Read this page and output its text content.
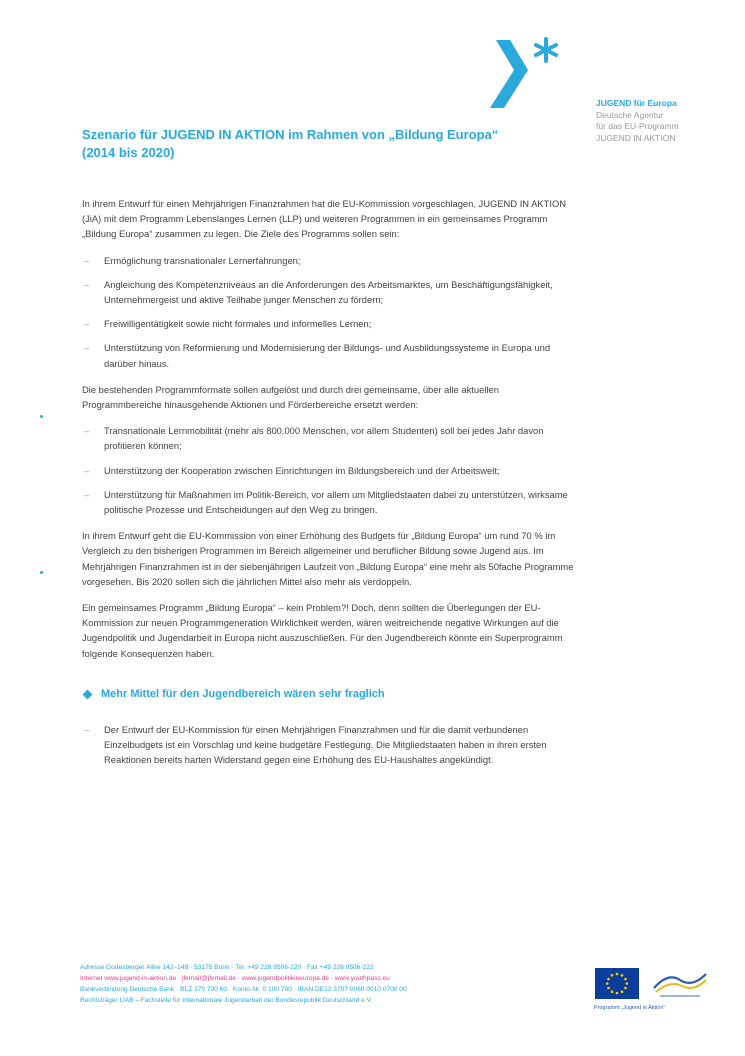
JUGEND für Europa
Deutsche Agentur
für das EU-Programm
JUGEND IN AKTION
Szenario für JUGEND IN AKTION im Rahmen von „Bildung Europa“
(2014 bis 2020)

In ihrem Entwurf für einen Mehrjährigen Finanzrahmen hat die EU-Kommission vorgeschlagen, JUGEND IN AKTION (JiA) mit dem Programm Lebenslanges Lernen (LLP) und weiteren Programmen in ein gemeinsames Programm „Bildung Europa“ zusammen zu legen. Die Ziele des Programms sollen sein:

– Ermöglichung transnationaler Lernerfahrungen;
– Angleichung des Kompetenzniveaus an die Anforderungen des Arbeitsmarktes, um Beschäftigungsfähigkeit, Unternehmergeist und aktive Teilhabe junger Menschen zu fördern;
– Freiwilligentätigkeit sowie nicht formales und informelles Lernen;
– Unterstützung von Reformierung und Modernisierung der Bildungs- und Ausbildungssysteme in Europa und darüber hinaus.

Die bestehenden Programmformate sollen aufgelöst und durch drei gemeinsame, über alle aktuellen Programmbereiche hinausgehende Aktionen und Förderbereiche ersetzt werden:

– Transnationale Lernmobilität (mehr als 800.000 Menschen, vor allem Studenten) soll bei jedes Jahr davon profitieren können;
– Unterstützung der Kooperation zwischen Einrichtungen im Bildungsbereich und der Arbeitswelt;
– Unterstützung für Maßnahmen im Politik-Bereich, vor allem um Mitgliedstaaten dabei zu unterstützen, wirksame politische Prozesse und Entscheidungen auf den Weg zu bringen.

In ihrem Entwurf geht die EU-Kommission von einer Erhöhung des Budgets für „Bildung Europa“ um rund 70 % im Vergleich zu den bisherigen Programmen im Bereich allgemeiner und beruflicher Bildung sowie Jugend aus. Im Mehrjährigen Finanzrahmen ist in der siebenjährigen Laufzeit von „Bildung Europa“ eine mehr als 50fache Programme vorgesehen. Bis 2020 sollen sich die jährlichen Mittel also mehr als verdoppeln.

Ein gemeinsames Programm „Bildung Europa“ – kein Problem?! Doch, denn sollten die Überlegungen der EU-Kommission zur neuen Programmgeneration Wirklichkeit werden, wären weitreichende negative Wirkungen auf die Jugendpolitik und Jugendarbeit in Europa nicht auszuschließen. Für den Jugendbereich könnte ein Superprogramm folgende Konsequenzen haben.

Mehr Mittel für den Jugendbereich wären sehr fraglich
– Der Entwurf der EU-Kommission für einen Mehrjährigen Finanzrahmen und für die damit verbundenen Einzelbudgets ist ein Vorschlag und keine budgetäre Festlegung. Die Mitgliedstaaten haben in ihren ersten Reaktionen bereits harten Widerstand gegen eine Erhöhung des EU-Haushaltes angekündigt.
Adresse Godesberger Allee 142–148 · 53175 Bonn · Tel. +49 228 9506-220 · Fax +49 228 9506-222
Internet www.jugend-in-aktion.de · jfemail@jfemail.de · www.jugendpolitikineuropa.de · www.youthpass.eu
Bankverbindung Deutsche Bank · BLZ 370 700 60 · Konto-Nr. 0 100 700 · IBAN DE12 3707 0060 0010 0700 00
Rechtsträger IJAB – Fachstelle für Internationale Jugendarbeit der Bundesrepublik Deutschland e.V.
Programm „Jugend in Aktion“
